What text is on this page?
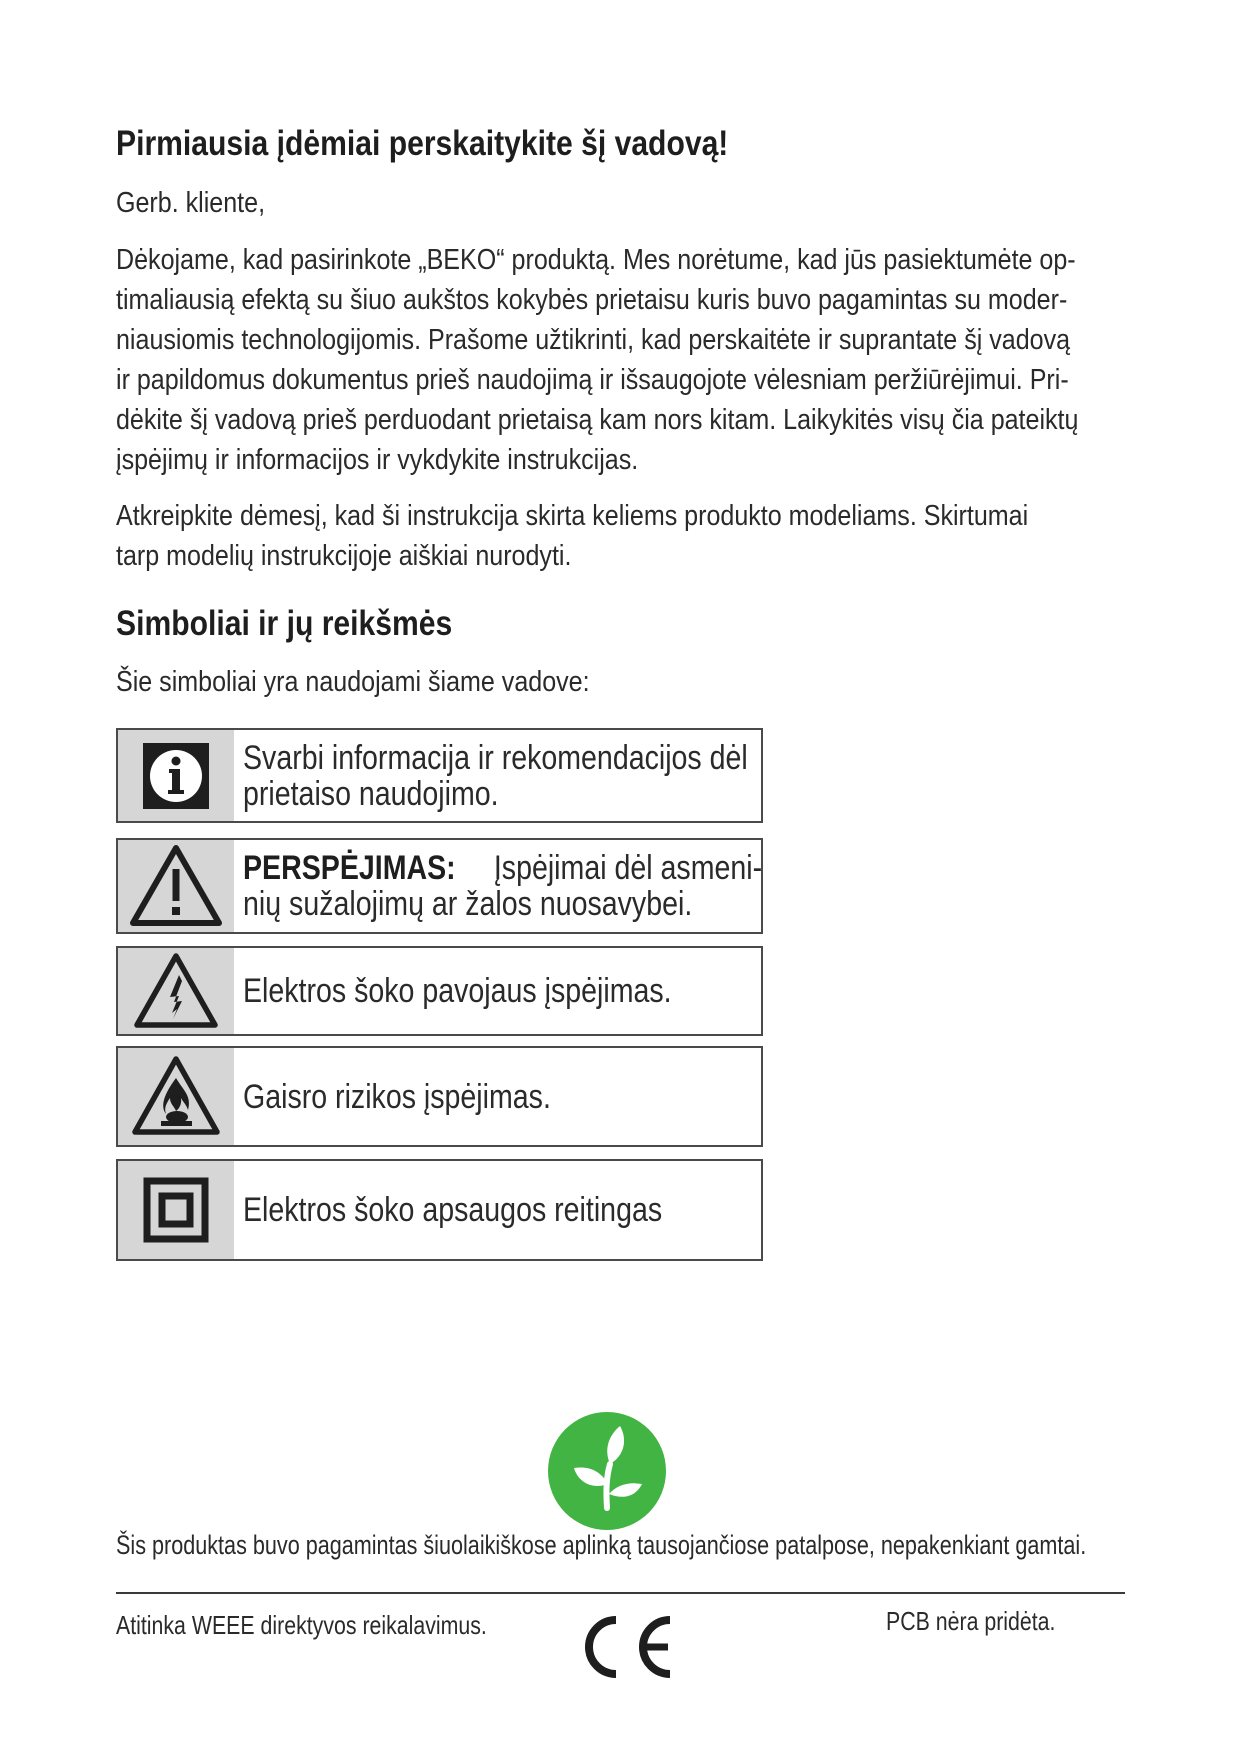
Pirmiausia įdėmiai perskaitykite šį vadovą!

Gerb. kliente,

Dėkojame, kad pasirinkote „BEKO“ produktą. Mes norėtume, kad jūs pasiektumėte op-

timaliausią efektą su šiuo aukštos kokybės prietaisu kuris buvo pagamintas su moder-

niausiomis technologijomis. Prašome užtikrinti, kad perskaitėte ir suprantate šį vadovą

ir papildomus dokumentus prieš naudojimą ir išsaugojote vėlesniam peržiūrėjimui. Pri-

dėkite šį vadovą prieš perduodant prietaisą kam nors kitam. Laikykitės visų čia pateiktų

įspėjimų ir informacijos ir vykdykite instrukcijas.

Atkreipkite dėmesį, kad ši instrukcija skirta keliems produkto modeliams. Skirtumai

tarp modelių instrukcijoje aiškiai nurodyti.

Simboliai ir jų reikšmės

Šie simboliai yra naudojami šiame vadove:

Svarbi informacija ir rekomendacijos dėl
prietaiso naudojimo.
PERSPĖJIMAS: Įspėjimai dėl asmeni-
nių sužalojimų ar žalos nuosavybei.
Elektros šoko pavojaus įspėjimas.
Gaisro rizikos įspėjimas.
Elektros šoko apsaugos reitingas

Šis produktas buvo pagamintas šiuolaikiškose aplinką tausojančiose patalpose, nepakenkiant gamtai.

Atitinka WEEE direktyvos reikalavimus.	PCB nėra pridėta.
